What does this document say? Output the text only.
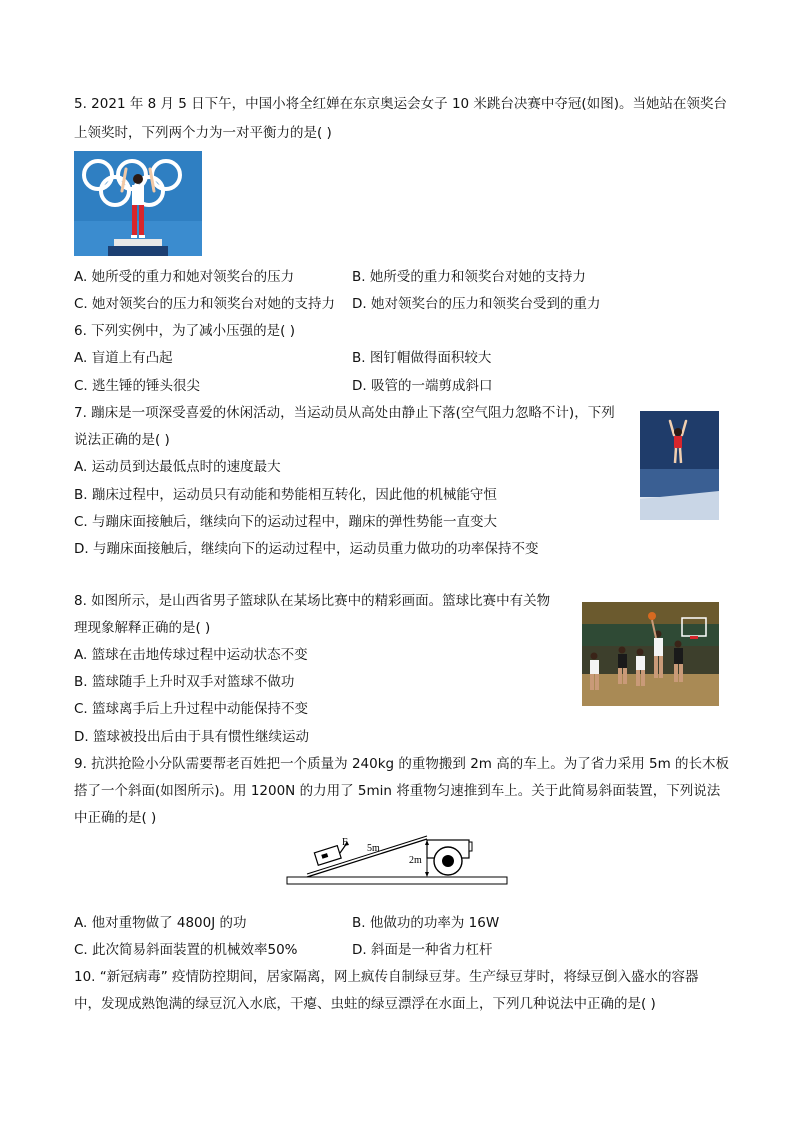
5. 2021 年 8 月 5 日下午，中国小将全红婵在东京奥运会女子 10 米跳台决赛中夺冠(如图)。当她站在领奖台
上领奖时，下列两个力为一对平衡力的是( )
A. 她所受的重力和她对领奖台的压力	B. 她所受的重力和领奖台对她的支持力
C. 她对领奖台的压力和领奖台对她的支持力 D. 她对领奖台的压力和领奖台受到的重力
6. 下列实例中，为了减小压强的是( )
A. 盲道上有凸起	B. 图钉帽做得面积较大
C. 逃生锤的锤头很尖	D. 吸管的一端剪成斜口
7. 蹦床是一项深受喜爱的休闲活动，当运动员从高处由静止下落(空气阻力忽略不计)，下列
说法正确的是( )
A. 运动员到达最低点时的速度最大
B. 蹦床过程中，运动员只有动能和势能相互转化，因此他的机械能守恒
C. 与蹦床面接触后，继续向下的运动过程中，蹦床的弹性势能一直变大
D. 与蹦床面接触后，继续向下的运动过程中，运动员重力做功的功率保持不变
8. 如图所示，是山西省男子篮球队在某场比赛中的精彩画面。篮球比赛中有关物
理现象解释正确的是( )
A. 篮球在击地传球过程中运动状态不变
B. 篮球随手上升时双手对篮球不做功
C. 篮球离手后上升过程中动能保持不变
D. 篮球被投出后由于具有惯性继续运动
9. 抗洪抢险小分队需要帮老百姓把一个质量为 240kg 的重物搬到 2m 高的车上。为了省力采用 5m 的长木板
搭了一个斜面(如图所示)。用 1200N 的力用了 5min 将重物匀速推到车上。关于此简易斜面装置，下列说法
中正确的是( )
F
5m
2m
A. 他对重物做了 4800J 的功	B. 他做功的功率为 16W
C. 此次简易斜面装置的机械效率50%	D. 斜面是一种省力杠杆
10. “新冠病毒” 疫情防控期间，居家隔离，网上疯传自制绿豆芽。生产绿豆芽时，将绿豆倒入盛水的容器
中，发现成熟饱满的绿豆沉入水底，干瘪、虫蛀的绿豆漂浮在水面上，下列几种说法中正确的是( )
